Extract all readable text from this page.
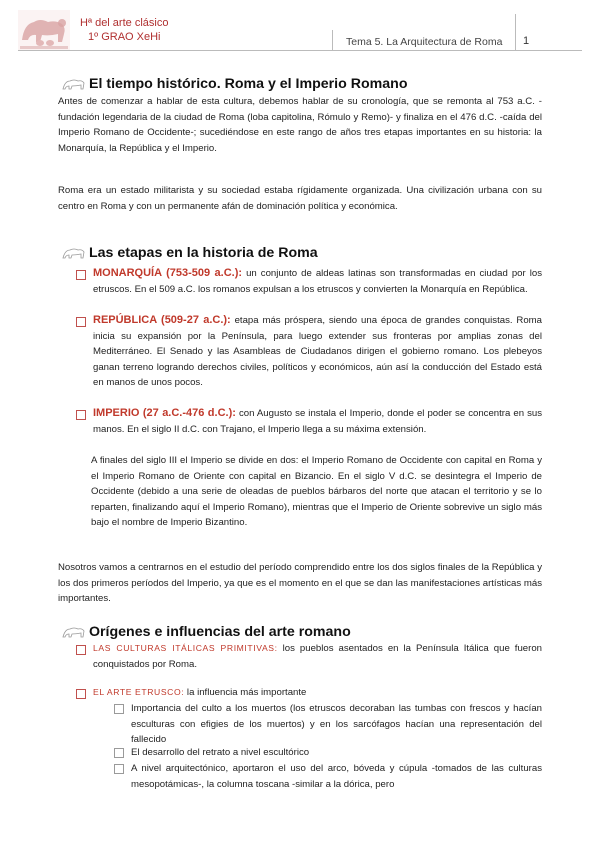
Hª del arte clásico
1º GRAO XeHi	Tema 5. La Arquitectura de Roma 1
El tiempo histórico. Roma y el Imperio Romano
Antes de comenzar a hablar de esta cultura, debemos hablar de su cronología, que se remonta al 753 a.C. -fundación legendaria de la ciudad de Roma (loba capitolina, Rómulo y Remo)- y finaliza en el 476 d.C. -caída del Imperio Romano de Occidente-; sucediéndose en este rango de años tres etapas importantes en su historia: la Monarquía, la República y el Imperio.
Roma era un estado militarista y su sociedad estaba rígidamente organizada. Una civilización urbana con su centro en Roma y con un permanente afán de dominación política y económica.
Las etapas en la historia de Roma
MONARQUÍA (753-509 a.C.): un conjunto de aldeas latinas son transformadas en ciudad por los etruscos. En el 509 a.C. los romanos expulsan a los etruscos y convierten la Monarquía en República.
REPÚBLICA (509-27 a.C.): etapa más próspera, siendo una época de grandes conquistas. Roma inicia su expansión por la Península, para luego extender sus fronteras por amplias zonas del Mediterráneo. El Senado y las Asambleas de Ciudadanos dirigen el gobierno romano. Los plebeyos ganan terreno logrando derechos civiles, políticos y económicos, aún así la conducción del Estado está en manos de unos pocos.
IMPERIO (27 a.C.-476 d.C.): con Augusto se instala el Imperio, donde el poder se concentra en sus manos. En el siglo II d.C. con Trajano, el Imperio llega a su máxima extensión.
A finales del siglo III el Imperio se divide en dos: el Imperio Romano de Occidente con capital en Roma y el Imperio Romano de Oriente con capital en Bizancio. En el siglo V d.C. se desintegra el Imperio de Occidente (debido a una serie de oleadas de pueblos bárbaros del norte que atacan el territorio y se lo reparten, finalizando aquí el Imperio Romano), mientras que el Imperio de Oriente sobrevive un siglo más bajo el nombre de Imperio Bizantino.
Nosotros vamos a centrarnos en el estudio del período comprendido entre los dos siglos finales de la República y los dos primeros períodos del Imperio, ya que es el momento en el que se dan las manifestaciones artísticas más importantes.
Orígenes e influencias del arte romano
LAS CULTURAS ITÁLICAS PRIMITIVAS: los pueblos asentados en la Península Itálica que fueron conquistados por Roma.
EL ARTE ETRUSCO: la influencia más importante
Importancia del culto a los muertos (los etruscos decoraban las tumbas con frescos y hacían esculturas con efigies de los muertos) y en los sarcófagos hacían una representación del fallecido
El desarrollo del retrato a nivel escultórico
A nivel arquitectónico, aportaron el uso del arco, bóveda y cúpula -tomados de las culturas mesopotámicas-, la columna toscana -similar a la dórica, pero
